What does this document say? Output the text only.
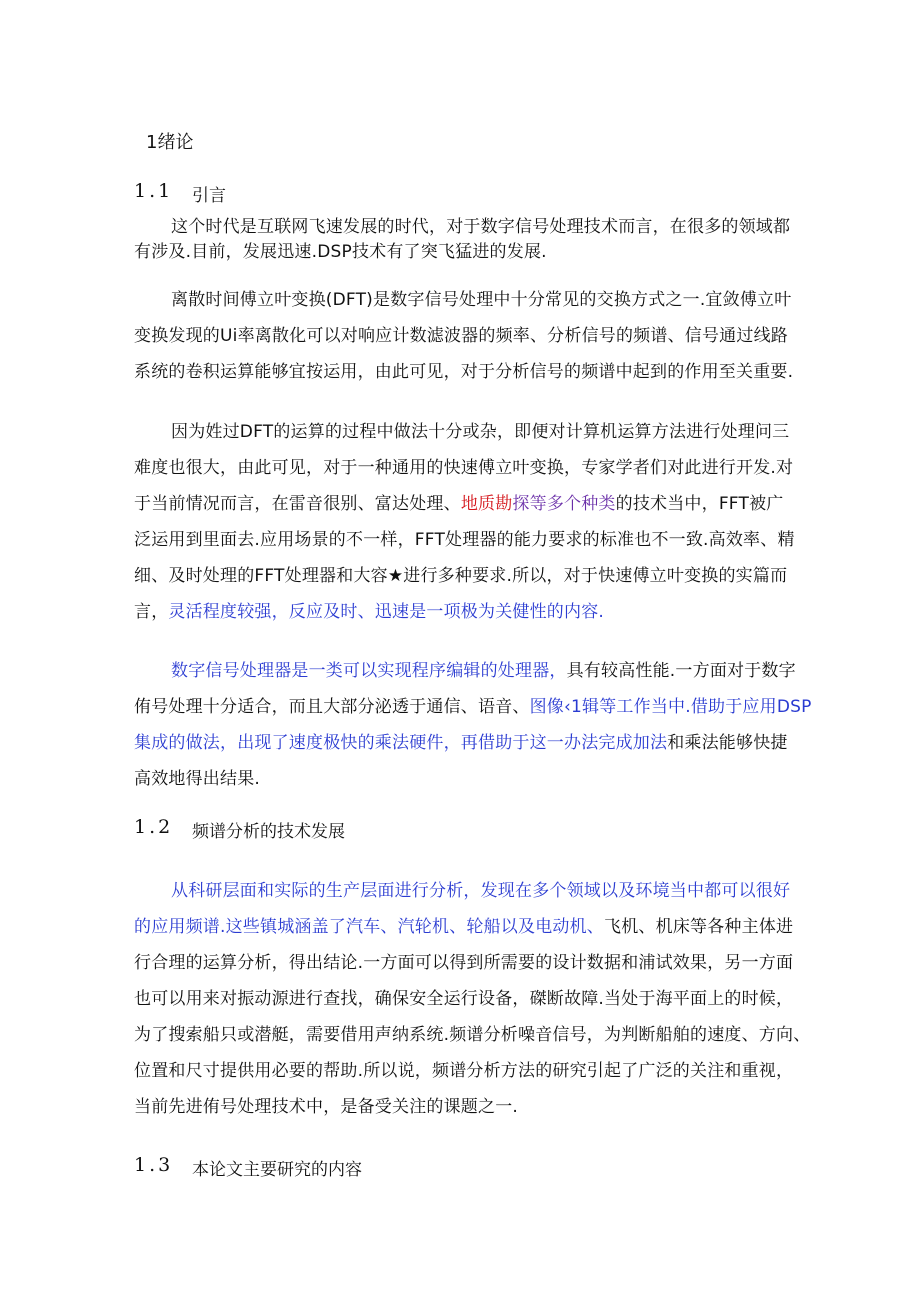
1绪论
1.1 引言
这个时代是互联网飞速发展的时代，对于数字信号处理技术而言，在很多的领域都
有涉及.目前，发展迅速.DSP技术有了突飞猛进的发展.
离散时间傅立叶变换(DFT)是数字信号处理中十分常见的交换方式之一.宜敛傅立叶
变换发现的Ui率离散化可以对响应计数滤波器的频率、分析信号的频谱、信号通过线路
系统的卷积运算能够宜按运用，由此可见，对于分析信号的频谱中起到的作用至关重要.
因为姓过DFT的运算的过程中做法十分或杂，即便对计算机运算方法进行处理问三
难度也很大，由此可见，对于一种通用的快速傅立叶变换，专家学者们对此进行开发.对
于当前情况而言，在雷音很别、富达处理、地质勘探等多个种类的技术当中，FFT被广
泛运用到里面去.应用场景的不一样，FFT处理器的能力要求的标准也不一致.高效率、精
细、及时处理的FFT处理器和大容★进行多种要求.所以，对于快速傅立叶变换的实篇而
言，灵活程度较强，反应及时、迅速是一项极为关健性的内容.
数字信号处理器是一类可以实现程序编辑的处理器，具有较高性能.一方面对于数字
侑号处理十分适合，而且大部分泌透于通信、语音、图像‹1辑等工作当中.借助于应用DSP
集成的做法，出现了速度极快的乘法硬件，再借助于这一办法完成加法和乘法能够快捷
高效地得出结果.
1.2 频谱分析的技术发展
从科研层面和实际的生产层面进行分析，发现在多个领域以及环境当中都可以很好
的应用频谱.这些镇城涵盖了汽车、汽轮机、轮船以及电动机、飞机、机床等各种主体进
行合理的运算分析，得出结论.一方面可以得到所需要的设计数据和浦试效果，另一方面
也可以用来对振动源进行查找，确保安全运行设备，磔断故障.当处于海平面上的时候，
为了搜索船只或潜艇，需要借用声纳系统.频谱分析噪音信号，为判断船舶的速度、方向、
位置和尺寸提供用必要的帮助.所以说，频谱分析方法的研究引起了广泛的关注和重视，
当前先进侑号处理技术中，是备受关注的课题之一.
1.3 本论文主要研究的内容
